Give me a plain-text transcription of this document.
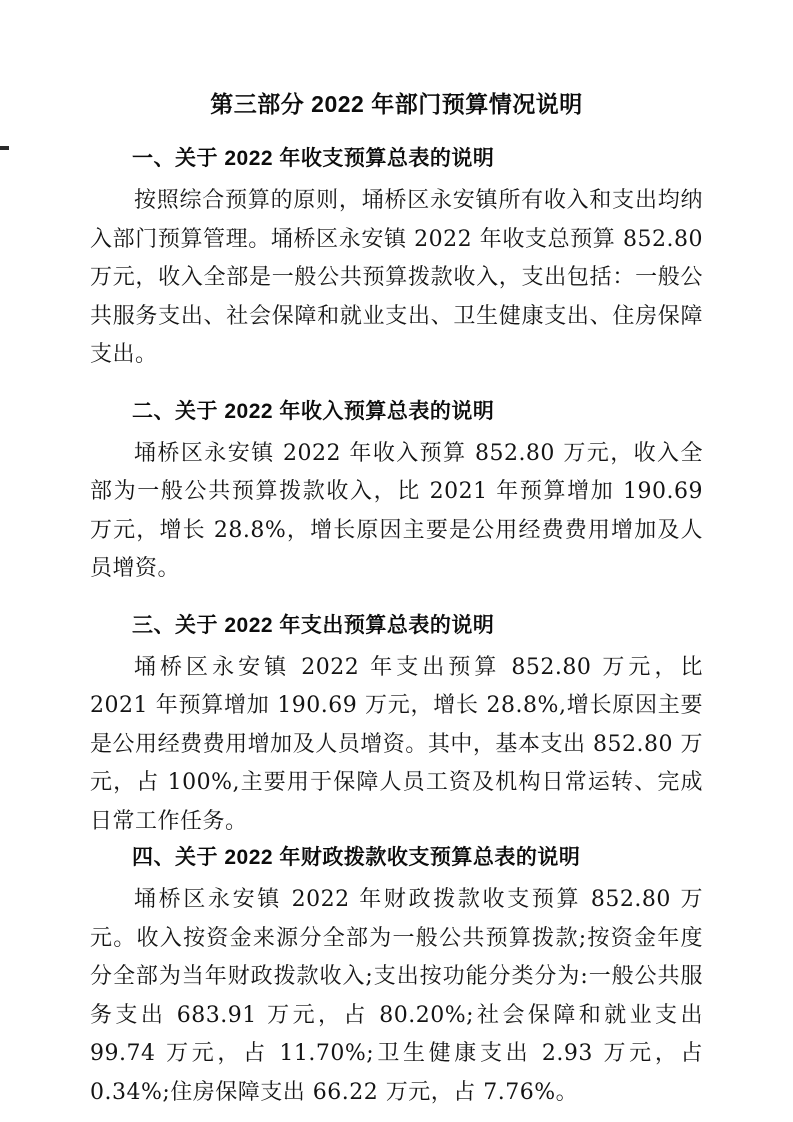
第三部分 2022 年部门预算情况说明
一、关于 2022 年收支预算总表的说明

按照综合预算的原则，埇桥区永安镇所有收入和支出均纳入部门预算管理。埇桥区永安镇 2022 年收支总预算 852.80 万元，收入全部是一般公共预算拨款收入，支出包括：一般公共服务支出、社会保障和就业支出、卫生健康支出、住房保障支出。

二、关于 2022 年收入预算总表的说明

埇桥区永安镇 2022 年收入预算 852.80 万元，收入全部为一般公共预算拨款收入，比 2021 年预算增加 190.69 万元，增长 28.8%，增长原因主要是公用经费费用增加及人员增资。

三、关于 2022 年支出预算总表的说明

埇桥区永安镇 2022 年支出预算 852.80 万元，比 2021 年预算增加 190.69 万元，增长 28.8%,增长原因主要是公用经费费用增加及人员增资。其中，基本支出 852.80 万元，占 100%,主要用于保障人员工资及机构日常运转、完成日常工作任务。

四、关于 2022 年财政拨款收支预算总表的说明

埇桥区永安镇 2022 年财政拨款收支预算 852.80 万元。收入按资金来源分全部为一般公共预算拨款;按资金年度分全部为当年财政拨款收入;支出按功能分类分为:一般公共服务支出 683.91 万元，占 80.20%;社会保障和就业支出 99.74 万元，占 11.70%;卫生健康支出 2.93 万元，占 0.34%;住房保障支出 66.22 万元，占 7.76%。
